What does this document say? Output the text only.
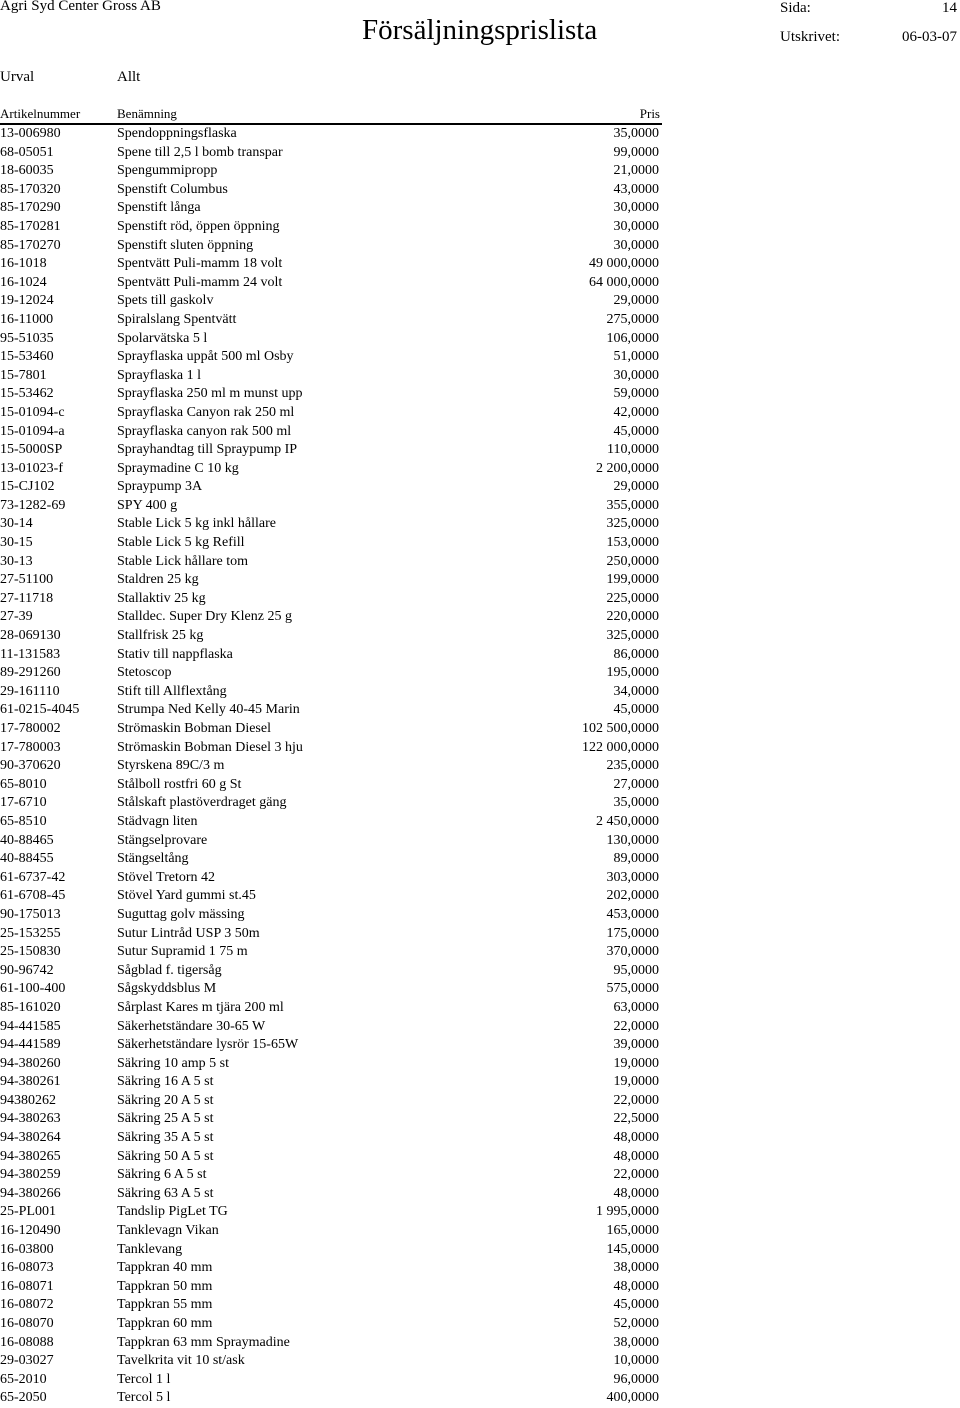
Agri Syd Center Gross AB
Försäljningsprislista
Sida:	14
Utskrivet:	06-03-07
Urval	Allt
Artikelnummer	Benämning	Pris
13-006980	Spendoppningsflaska	35,0000
68-05051	Spene till 2,5 l bomb transpar	99,0000
18-60035	Spengummipropp	21,0000
85-170320	Spenstift Columbus	43,0000
85-170290	Spenstift långa	30,0000
85-170281	Spenstift röd, öppen öppning	30,0000
85-170270	Spenstift sluten öppning	30,0000
16-1018	Spentvätt Puli-mamm 18 volt	49 000,0000
16-1024	Spentvätt Puli-mamm 24 volt	64 000,0000
19-12024	Spets till gaskolv	29,0000
16-11000	Spiralslang Spentvätt	275,0000
95-51035	Spolarvätska 5 l	106,0000
15-53460	Sprayflaska uppåt 500 ml Osby	51,0000
15-7801	Sprayflaska 1 l	30,0000
15-53462	Sprayflaska 250 ml m munst upp	59,0000
15-01094-c	Sprayflaska Canyon rak 250 ml	42,0000
15-01094-a	Sprayflaska canyon rak 500 ml	45,0000
15-5000SP	Sprayhandtag till Spraypump IP	110,0000
13-01023-f	Spraymadine C 10 kg	2 200,0000
15-CJ102	Spraypump 3A	29,0000
73-1282-69	SPY 400 g	355,0000
30-14	Stable Lick 5 kg inkl hållare	325,0000
30-15	Stable Lick 5 kg Refill	153,0000
30-13	Stable Lick hållare tom	250,0000
27-51100	Staldren 25 kg	199,0000
27-11718	Stallaktiv 25 kg	225,0000
27-39	Stalldec. Super Dry Klenz 25 g	220,0000
28-069130	Stallfrisk 25 kg	325,0000
11-131583	Stativ till nappflaska	86,0000
89-291260	Stetoscop	195,0000
29-161110	Stift till Allflextång	34,0000
61-0215-4045	Strumpa Ned Kelly 40-45 Marin	45,0000
17-780002	Strömaskin Bobman Diesel	102 500,0000
17-780003	Strömaskin Bobman Diesel 3 hju	122 000,0000
90-370620	Styrskena 89C/3 m	235,0000
65-8010	Stålboll rostfri 60 g St	27,0000
17-6710	Stålskaft plastöverdraget gäng	35,0000
65-8510	Städvagn liten	2 450,0000
40-88465	Stängselprovare	130,0000
40-88455	Stängseltång	89,0000
61-6737-42	Stövel Tretorn 42	303,0000
61-6708-45	Stövel Yard gummi st.45	202,0000
90-175013	Suguttag golv mässing	453,0000
25-153255	Sutur Lintråd USP 3 50m	175,0000
25-150830	Sutur Supramid 1 75 m	370,0000
90-96742	Sågblad f. tigersåg	95,0000
61-100-400	Sågskyddsblus M	575,0000
85-161020	Sårplast Kares m tjära 200 ml	63,0000
94-441585	Säkerhetständare 30-65 W	22,0000
94-441589	Säkerhetständare lysrör 15-65W	39,0000
94-380260	Säkring 10 amp 5 st	19,0000
94-380261	Säkring 16 A 5 st	19,0000
94380262	Säkring 20 A 5 st	22,0000
94-380263	Säkring 25 A 5 st	22,5000
94-380264	Säkring 35 A 5 st	48,0000
94-380265	Säkring 50 A 5 st	48,0000
94-380259	Säkring 6 A 5 st	22,0000
94-380266	Säkring 63 A 5 st	48,0000
25-PL001	Tandslip PigLet TG	1 995,0000
16-120490	Tanklevagn Vikan	165,0000
16-03800	Tanklevang	145,0000
16-08073	Tappkran 40 mm	38,0000
16-08071	Tappkran 50 mm	48,0000
16-08072	Tappkran 55 mm	45,0000
16-08070	Tappkran 60 mm	52,0000
16-08088	Tappkran 63 mm Spraymadine	38,0000
29-03027	Tavelkrita vit 10 st/ask	10,0000
65-2010	Tercol 1 l	96,0000
65-2050	Tercol 5 l	400,0000
